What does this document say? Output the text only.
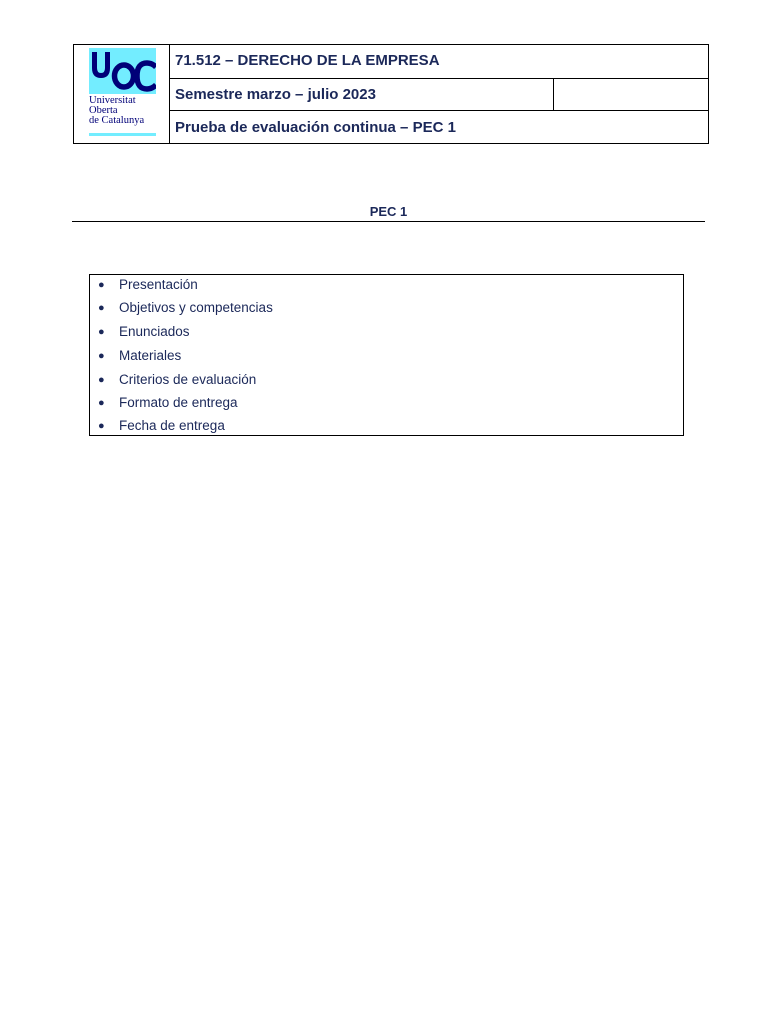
Universitat
Oberta
de Catalunya
71.512 – DERECHO DE LA EMPRESA
Semestre marzo – julio 2023
Prueba de evaluación continua – PEC 1
PEC 1
● Presentación
● Objetivos y competencias
● Enunciados
● Materiales
● Criterios de evaluación
● Formato de entrega
● Fecha de entrega
